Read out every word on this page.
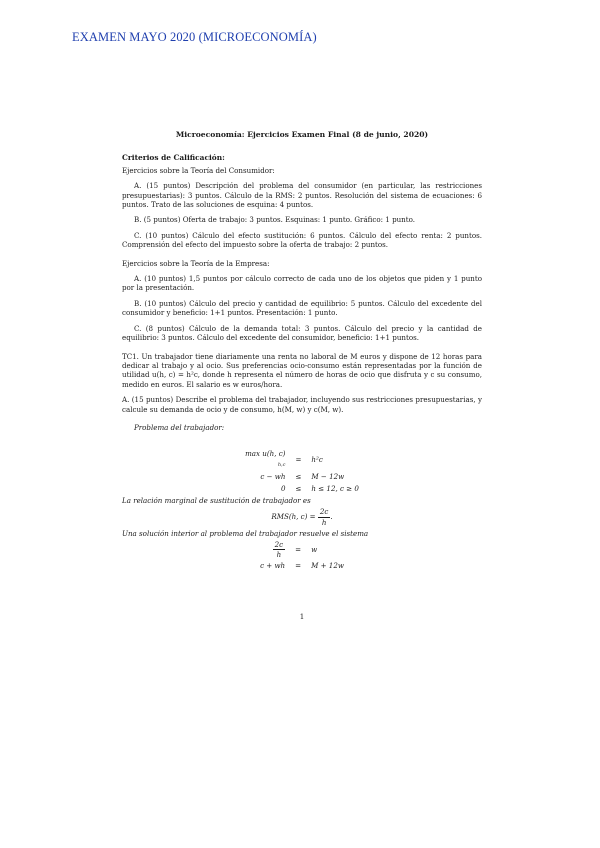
EXAMEN MAYO 2020 (MICROECONOMÍA)

Microeconomía: Ejercicios Examen Final (8 de junio, 2020)

Criterios de Calificación:

Ejercicios sobre la Teoría del Consumidor:

A. (15 puntos) Descripción del problema del consumidor (en particular, las restricciones presupuestarias): 3 puntos. Cálculo de la RMS: 2 puntos. Resolución del sistema de ecuaciones: 6 puntos. Trato de las soluciones de esquina: 4 puntos.

B. (5 puntos) Oferta de trabajo: 3 puntos. Esquinas: 1 punto. Gráfico: 1 punto.

C. (10 puntos) Cálculo del efecto sustitución: 6 puntos. Cálculo del efecto renta: 2 puntos. Comprensión del efecto del impuesto sobre la oferta de trabajo: 2 puntos.

Ejercicios sobre la Teoría de la Empresa:

A. (10 puntos) 1,5 puntos por cálculo correcto de cada uno de los objetos que piden y 1 punto por la presentación.

B. (10 puntos) Cálculo del precio y cantidad de equilibrio: 5 puntos. Cálculo del excedente del consumidor y beneficio: 1+1 puntos. Presentación: 1 punto.

C. (8 puntos) Cálculo de la demanda total: 3 puntos. Cálculo del precio y la cantidad de equilibrio: 3 puntos. Cálculo del excedente del consumidor, beneficio: 1+1 puntos.

TC1. Un trabajador tiene diariamente una renta no laboral de M euros y dispone de 12 horas para dedicar al trabajo y al ocio. Sus preferencias ocio-consumo están representadas por la función de utilidad u(h, c) = h²c, donde h representa el número de horas de ocio que disfruta y c su consumo, medido en euros. El salario es w euros/hora.

A. (15 puntos) Describe el problema del trabajador, incluyendo sus restricciones presupuestarias, y calcule su demanda de ocio y de consumo, h(M, w) y c(M, w).

Problema del trabajador:

max u(h, c)
h,c	=	h²c
c − wh	≤	M − 12w
0	≤	h ≤ 12, c ≥ 0

La relación marginal de sustitución de trabajador es

RMS(h, $c) = \frac{2c}{h}$ .

Una solución interior al problema del trabajador resuelve el sistema

$\frac{2c}{h}$	=	w
c + wh	=	M + 12w
1
